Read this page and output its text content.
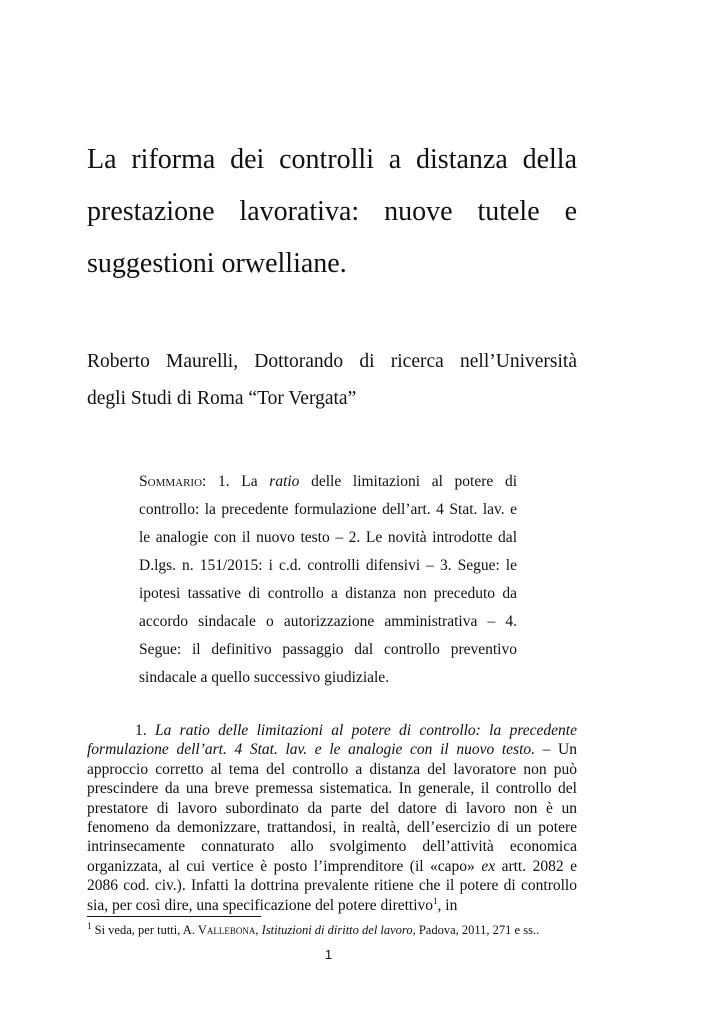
La riforma dei controlli a distanza della
prestazione lavorativa: nuove tutele e
suggestioni orwelliane.
Roberto Maurelli, Dottorando di ricerca nell’Università
degli Studi di Roma “Tor Vergata”
Sommario: 1. La ratio delle limitazioni al potere di controllo: la precedente formulazione dell’art. 4 Stat. lav. e le analogie con il nuovo testo – 2. Le novità introdotte dal D.lgs. n. 151/2015: i c.d. controlli difensivi – 3. Segue: le ipotesi tassative di controllo a distanza non preceduto da accordo sindacale o autorizzazione amministrativa – 4. Segue: il definitivo passaggio dal controllo preventivo sindacale a quello successivo giudiziale.

1. La ratio delle limitazioni al potere di controllo: la precedente formulazione dell’art. 4 Stat. lav. e le analogie con il nuovo testo. – Un approccio corretto al tema del controllo a distanza del lavoratore non può prescindere da una breve premessa sistematica. In generale, il controllo del prestatore di lavoro subordinato da parte del datore di lavoro non è un fenomeno da demonizzare, trattandosi, in realtà, dell’esercizio di un potere intrinsecamente connaturato allo svolgimento dell’attività economica organizzata, al cui vertice è posto l’imprenditore (il «capo» ex artt. 2082 e 2086 cod. civ.). Infatti la dottrina prevalente ritiene che il potere di controllo sia, per così dire, una specificazione del potere direttivo$^1$, in

$^1$ Si veda, per tutti, A. Vallebona, Istituzioni di diritto del lavoro, Padova, 2011, 271 e ss..
1
